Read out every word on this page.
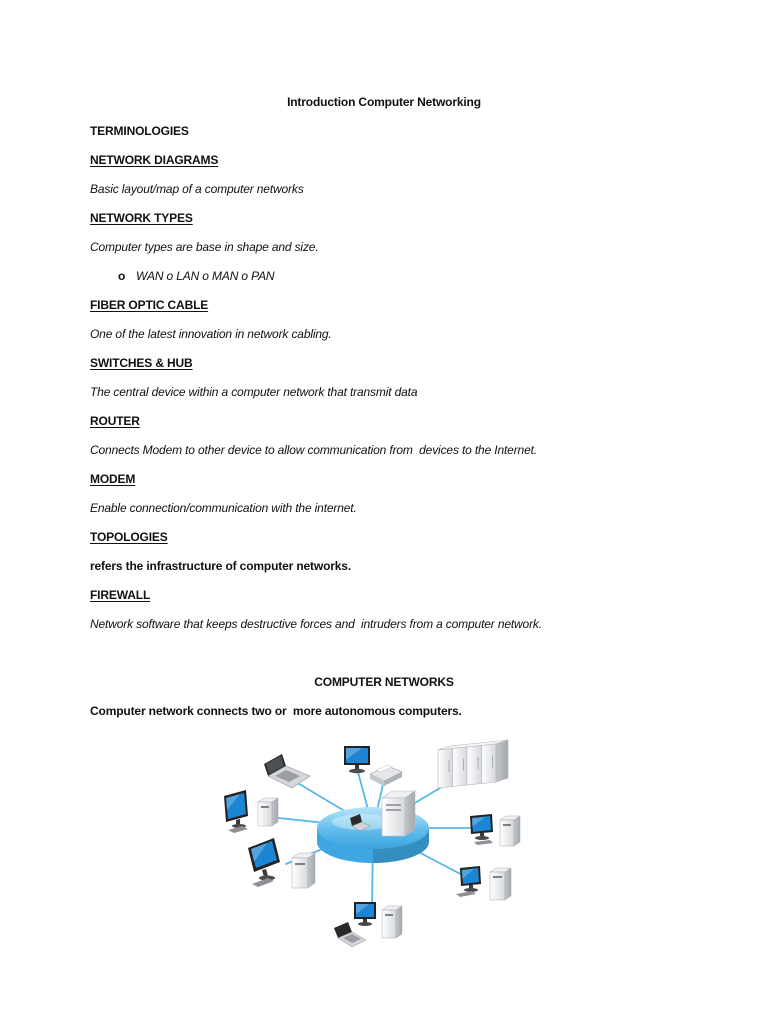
Introduction Computer Networking

TERMINOLOGIES

NETWORK DIAGRAMS

Basic layout/map of a computer networks

NETWORK TYPES

Computer types are base in shape and size.

o WAN o LAN o MAN o PAN

FIBER OPTIC CABLE

One of the latest innovation in network cabling.

SWITCHES & HUB

The central device within a computer network that transmit data

ROUTER

Connects Modem to other device to allow communication from  devices to the Internet.

MODEM

Enable connection/communication with the internet.

TOPOLOGIES

refers the infrastructure of computer networks.

FIREWALL

Network software that keeps destructive forces and  intruders from a computer network.

COMPUTER NETWORKS

Computer network connects two or  more autonomous computers.
